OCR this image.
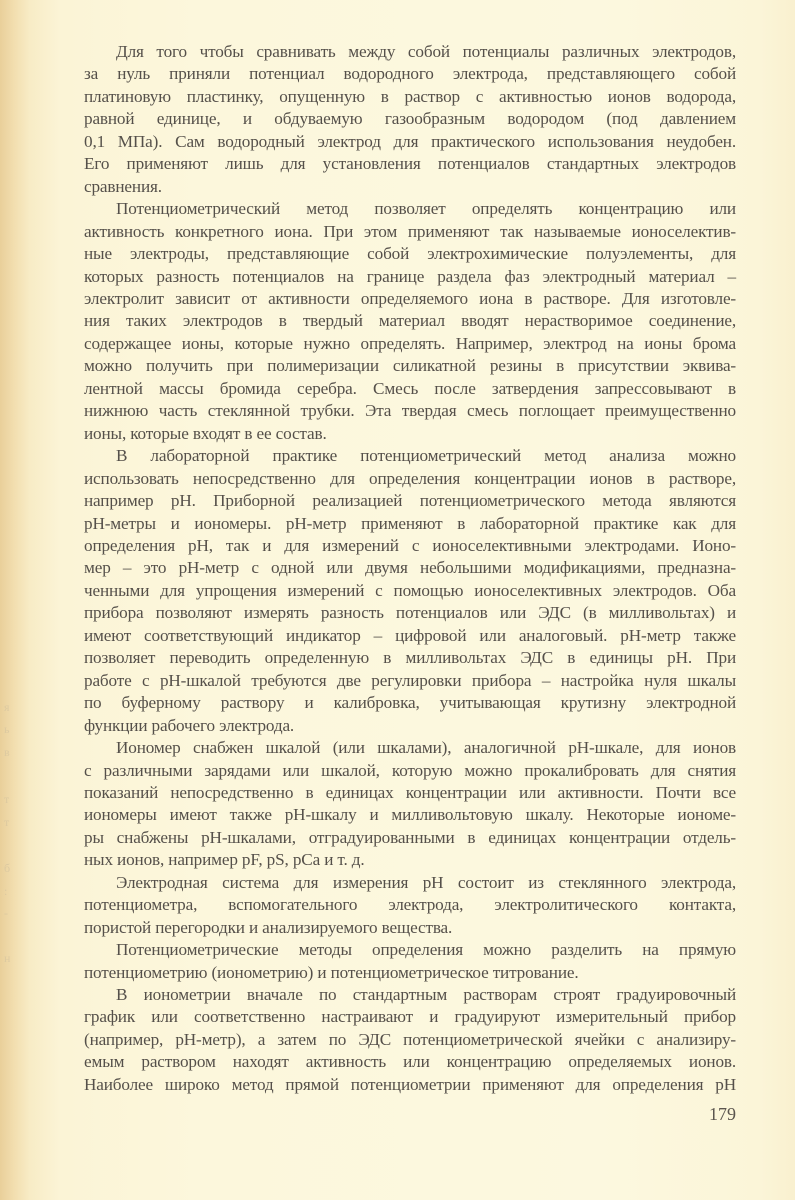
Для того чтобы сравнивать между собой потенциалы различных электродов,
за нуль приняли потенциал водородного электрода, представляющего собой
платиновую пластинку, опущенную в раствор с активностью ионов водорода,
равной единице, и обдуваемую газообразным водородом (под давлением
0,1 МПа). Сам водородный электрод для практического использования неудобен.
Его применяют лишь для установления потенциалов стандартных электродов
сравнения.
Потенциометрический метод позволяет определять концентрацию или
активность конкретного иона. При этом применяют так называемые ионоселектив-
ные электроды, представляющие собой электрохимические полуэлементы, для
которых разность потенциалов на границе раздела фаз электродный материал –
электролит зависит от активности определяемого иона в растворе. Для изготовле-
ния таких электродов в твердый материал вводят нерастворимое соединение,
содержащее ионы, которые нужно определять. Например, электрод на ионы брома
можно получить при полимеризации силикатной резины в присутствии эквива-
лентной массы бромида серебра. Смесь после затвердения запрессовывают в
нижнюю часть стеклянной трубки. Эта твердая смесь поглощает преимущественно
ионы, которые входят в ее состав.
В лабораторной практике потенциометрический метод анализа можно
использовать непосредственно для определения концентрации ионов в растворе,
например pH. Приборной реализацией потенциометрического метода являются
pH-метры и иономеры. pH-метр применяют в лабораторной практике как для
определения pH, так и для измерений с ионоселективными электродами. Ионо-
мер – это pH-метр с одной или двумя небольшими модификациями, предназна-
ченными для упрощения измерений с помощью ионоселективных электродов. Оба
прибора позволяют измерять разность потенциалов или ЭДС (в милливольтах) и
имеют соответствующий индикатор – цифровой или аналоговый. pH-метр также
позволяет переводить определенную в милливольтах ЭДС в единицы pH. При
работе с pH-шкалой требуются две регулировки прибора – настройка нуля шкалы
по буферному раствору и калибровка, учитывающая крутизну электродной
функции рабочего электрода.
Иономер снабжен шкалой (или шкалами), аналогичной pH-шкале, для ионов
с различными зарядами или шкалой, которую можно прокалибровать для снятия
показаний непосредственно в единицах концентрации или активности. Почти все
иономеры имеют также pH-шкалу и милливольтовую шкалу. Некоторые иономе-
ры снабжены pH-шкалами, отградуированными в единицах концентрации отдель-
ных ионов, например pF, pS, pCa и т. д.
Электродная система для измерения pH состоит из стеклянного электрода,
потенциометра, вспомогательного электрода, электролитического контакта,
пористой перегородки и анализируемого вещества.
Потенциометрические методы определения можно разделить на прямую
потенциометрию (ионометрию) и потенциометрическое титрование.
В ионометрии вначале по стандартным растворам строят градуировочный
график или соответственно настраивают и градуируют измерительный прибор
(например, pH-метр), а затем по ЭДС потенциометрической ячейки с анализиру-
емым раствором находят активность или концентрацию определяемых ионов.
Наиболее широко метод прямой потенциометрии применяют для определения pH
179
я
ь
в
т
т
б
:
-
н
